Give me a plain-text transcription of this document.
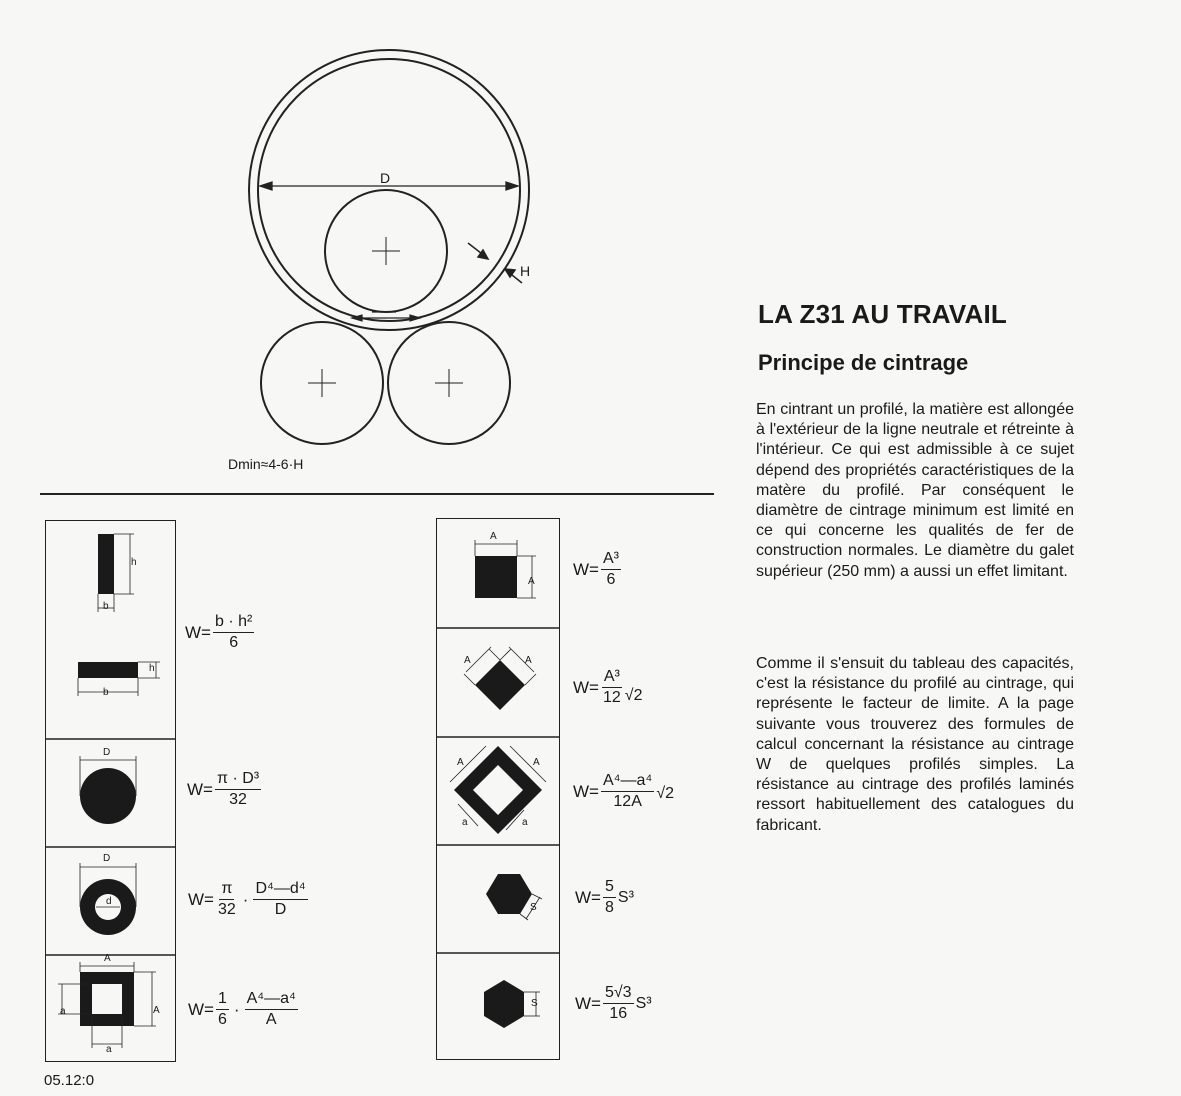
D
H
Dmin≈4-6·H
h
b
h
b
$W= \frac{\text{b · h²}}{6}$
D
$W= \frac{\text{π · D³}}{32}$
D
d	$W= \frac{\pi}{32} \cdot \frac{\text{D⁴—d⁴}}{D}$
A
A
a
a
$W= \frac{1}{6} \cdot \frac{\text{A⁴—a⁴}}{A}$
A
A
$W= \frac{\text{A³}}{6}$
A	A
$W= \frac{\text{A³}}{12} √2$
A	A
a	a
$W= \frac{\text{A⁴—a⁴}}{12A} √2$
S
$W= \frac{5}{8} S^3$
S $W= \frac{5√3}{16} S^3$
LA Z31 AU TRAVAIL
Principe de cintrage

En cintrant un profilé, la matière est allongée à l'extérieur de la ligne neutrale et rétreinte à l'intérieur. Ce qui est admissible à ce sujet dépend des propriétés caractéristiques de la matère du profilé. Par conséquent le diamètre de cintrage minimum est limité en ce qui concerne les qualités de fer de construction normales. Le diamètre du galet supérieur (250 mm) a aussi un effet limitant.

Comme il s'ensuit du tableau des capacités, c'est la résistance du profilé au cintrage, qui représente le facteur de limite. A la page suivante vous trouverez des formules de calcul concernant la résistance au cintrage W de quelques profilés simples. La résistance au cintrage des profilés laminés ressort habituellement des catalogues du fabricant.

05.12:0
